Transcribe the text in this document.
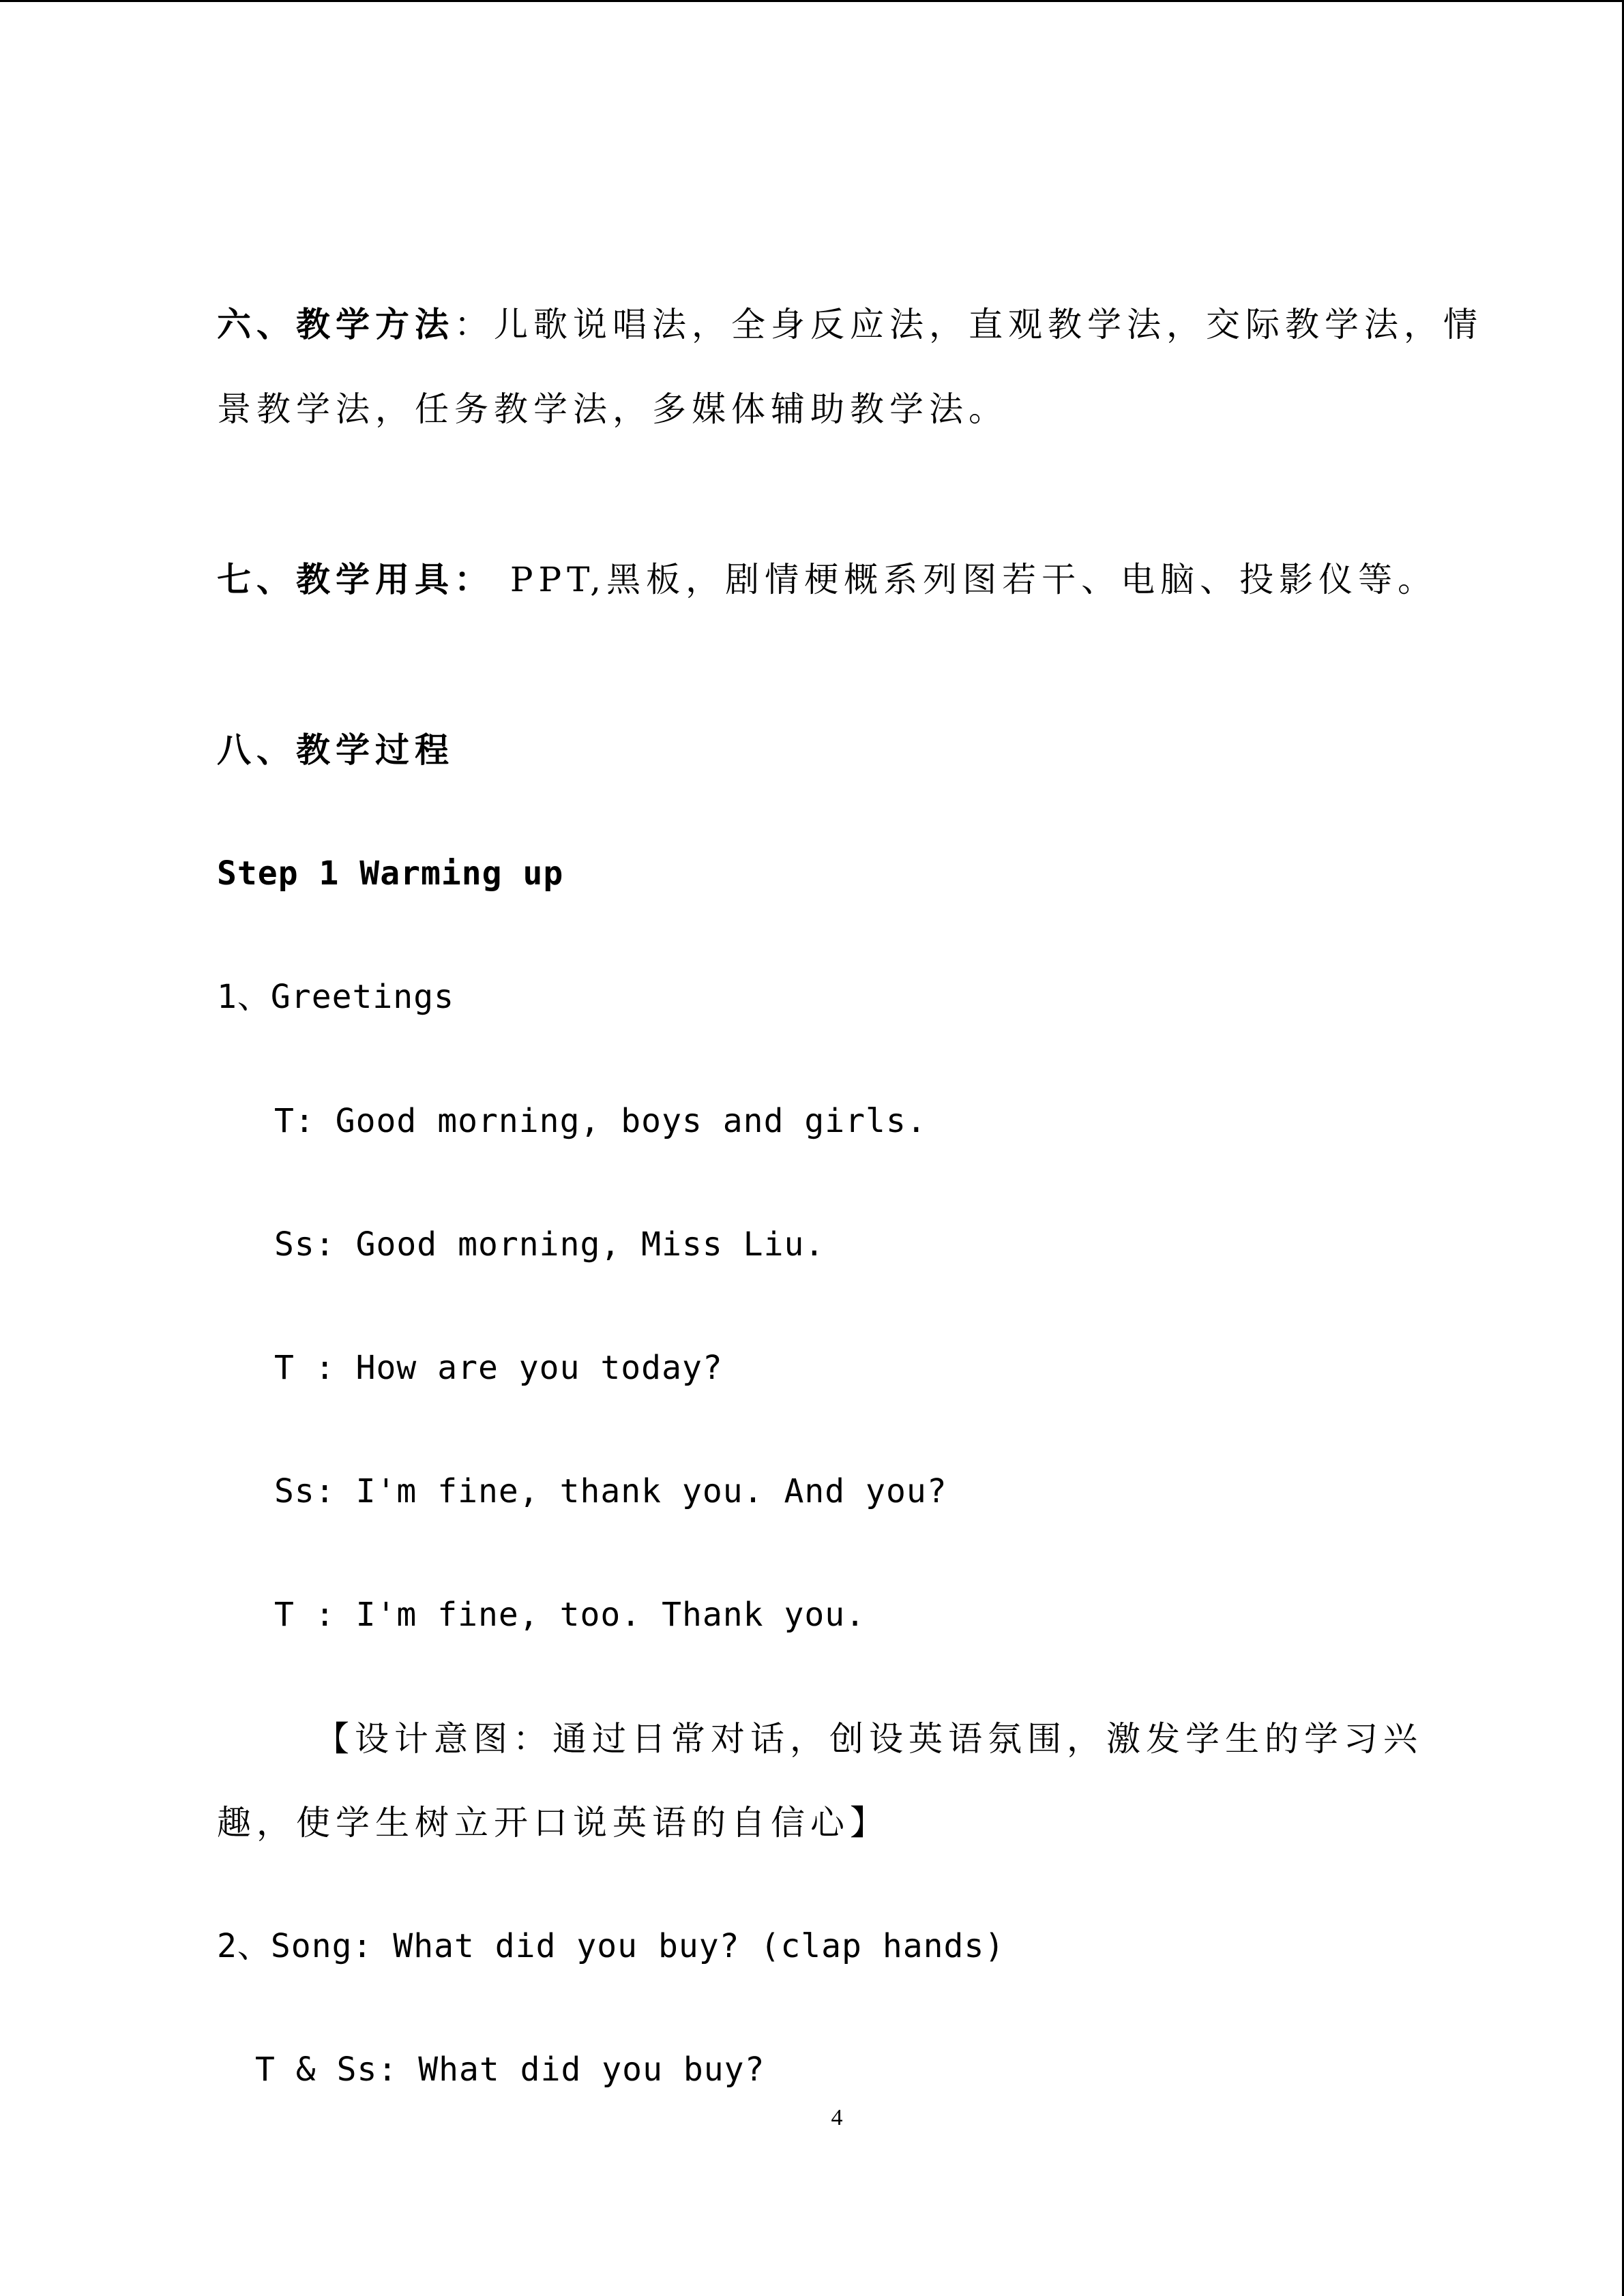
六、教学方法：儿歌说唱法，全身反应法，直观教学法，交际教学法，情
景教学法，任务教学法，多媒体辅助教学法。
七、教学用具： PPT,黑板，剧情梗概系列图若干、电脑、投影仪等。
八、教学过程
Step 1 Warming up
1、Greetings
T: Good morning, boys and girls.
Ss: Good morning, Miss Liu.
T : How are you today?
Ss: I'm fine, thank you. And you?
T : I'm fine, too. Thank you.
【设计意图：通过日常对话，创设英语氛围，激发学生的学习兴
趣，使学生树立开口说英语的自信心】
2、Song: What did you buy? (clap hands)
T & Ss: What did you buy?
4
